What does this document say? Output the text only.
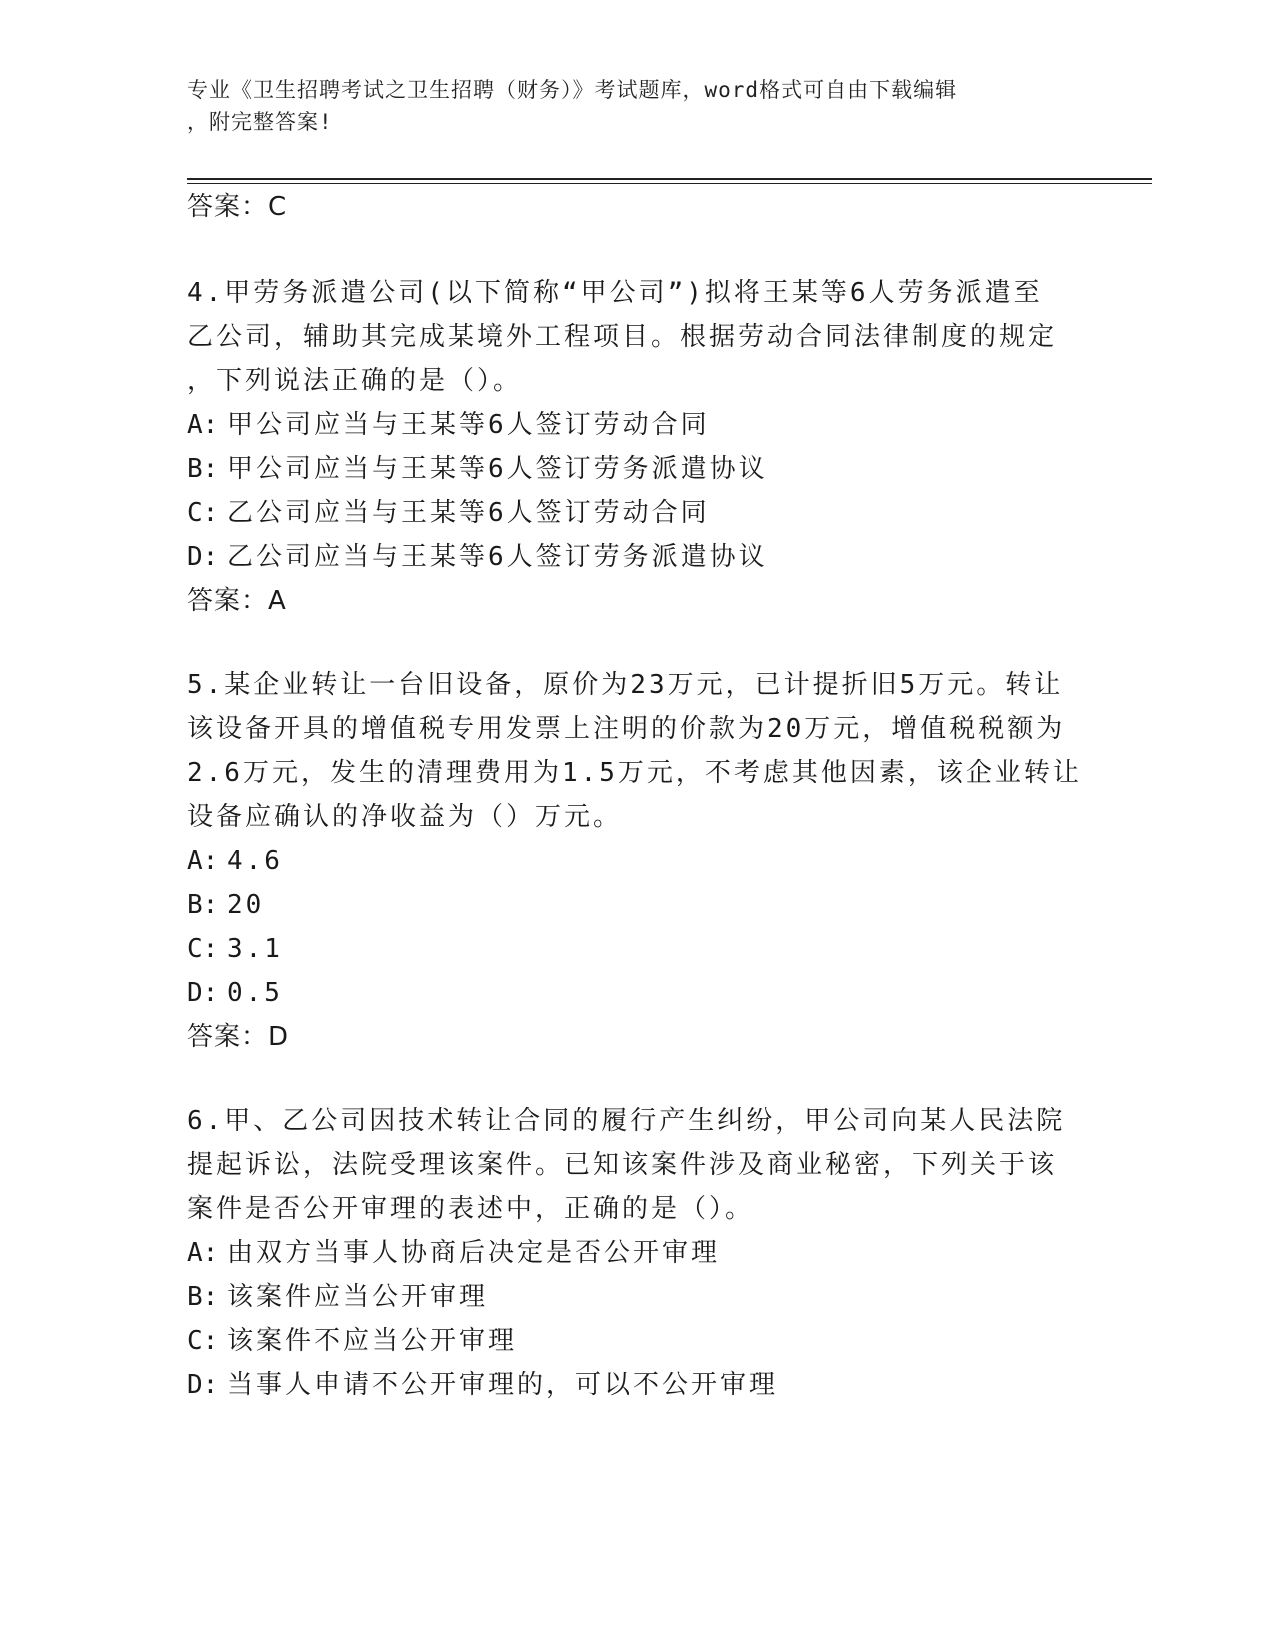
专业《卫生招聘考试之卫生招聘（财务）》考试题库，word格式可自由下载编辑
，附完整答案!
答案：C
4.甲劳务派遣公司(以下简称“甲公司”)拟将王某等6人劳务派遣至
乙公司，辅助其完成某境外工程项目。根据劳动合同法律制度的规定
，下列说法正确的是（）。
A: 甲公司应当与王某等6人签订劳动合同
B: 甲公司应当与王某等6人签订劳务派遣协议
C: 乙公司应当与王某等6人签订劳动合同
D: 乙公司应当与王某等6人签订劳务派遣协议
答案：A
5.某企业转让一台旧设备，原价为23万元，已计提折旧5万元。转让
该设备开具的增值税专用发票上注明的价款为20万元，增值税税额为
2.6万元，发生的清理费用为1.5万元，不考虑其他因素，该企业转让
设备应确认的净收益为（）万元。
A: 4.6
B: 20
C: 3.1
D: 0.5
答案：D
6.甲、乙公司因技术转让合同的履行产生纠纷，甲公司向某人民法院
提起诉讼，法院受理该案件。已知该案件涉及商业秘密，下列关于该
案件是否公开审理的表述中，正确的是（）。
A: 由双方当事人协商后决定是否公开审理
B: 该案件应当公开审理
C: 该案件不应当公开审理
D: 当事人申请不公开审理的，可以不公开审理
